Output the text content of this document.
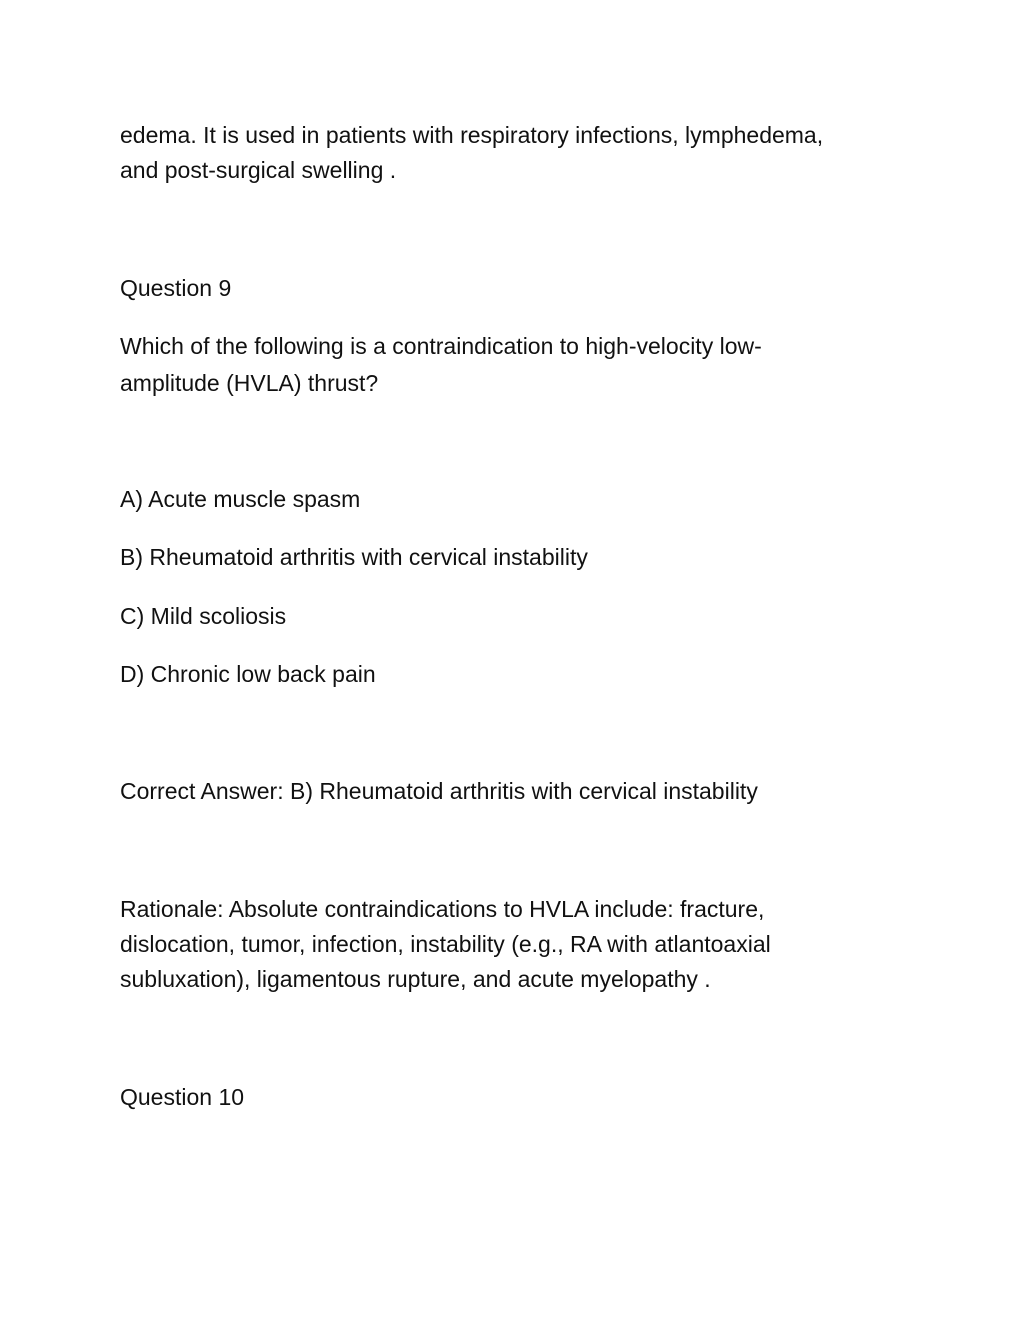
edema. It is used in patients with respiratory infections, lymphedema,
and post-surgical swelling .
Question 9
Which of the following is a contraindication to high-velocity low-
amplitude (HVLA) thrust?
A) Acute muscle spasm
B) Rheumatoid arthritis with cervical instability
C) Mild scoliosis
D) Chronic low back pain
Correct Answer: B) Rheumatoid arthritis with cervical instability
Rationale: Absolute contraindications to HVLA include: fracture,
dislocation, tumor, infection, instability (e.g., RA with atlantoaxial
subluxation), ligamentous rupture, and acute myelopathy .
Question 10
